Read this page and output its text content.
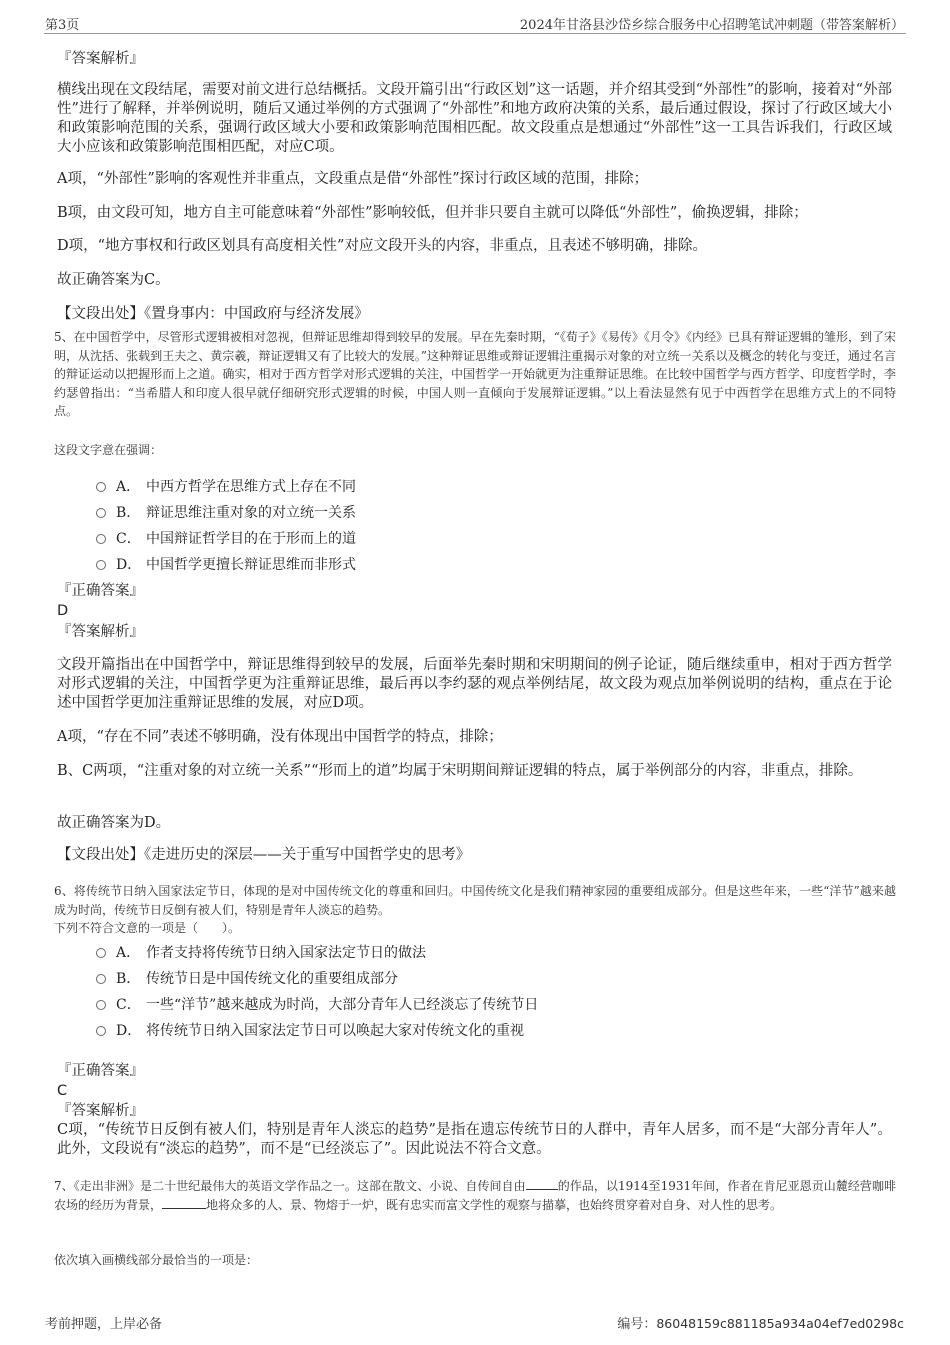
第3页	2024年甘洛县沙岱乡综合服务中心招聘笔试冲刺题（带答案解析）
『答案解析』
横线出现在文段结尾，需要对前文进行总结概括。文段开篇引出“行政区划”这一话题，并介绍其受到“外部性”的影响，接着对“外部性”进行了解释，并举例说明，随后又通过举例的方式强调了“外部性”和地方政府决策的关系，最后通过假设，探讨了行政区域大小和政策影响范围的关系，强调行政区域大小要和政策影响范围相匹配。故文段重点是想通过“外部性”这一工具告诉我们，行政区域大小应该和政策影响范围相匹配，对应C项。
A项，“外部性”影响的客观性并非重点，文段重点是借“外部性”探讨行政区域的范围，排除；
B项，由文段可知，地方自主可能意味着“外部性”影响较低，但并非只要自主就可以降低“外部性”，偷换逻辑，排除；
D项，“地方事权和行政区划具有高度相关性”对应文段开头的内容，非重点，且表述不够明确，排除。
故正确答案为C。
【文段出处】《置身事内：中国政府与经济发展》
5、在中国哲学中，尽管形式逻辑被相对忽视，但辩证思维却得到较早的发展。早在先秦时期，“《荀子》《易传》《月令》《内经》已具有辩证逻辑的雏形，到了宋明，从沈括、张载到王夫之、黄宗羲，辩证逻辑又有了比较大的发展。”这种辩证思维或辩证逻辑注重揭示对象的对立统一关系以及概念的转化与变迁，通过名言的辩证运动以把握形而上之道。确实，相对于西方哲学对形式逻辑的关注，中国哲学一开始就更为注重辩证思维。在比较中国哲学与西方哲学、印度哲学时，李约瑟曾指出：“当希腊人和印度人很早就仔细研究形式逻辑的时候，中国人则一直倾向于发展辩证逻辑。”以上看法显然有见于中西哲学在思维方式上的不同特点。
这段文字意在强调：
A． 中西方哲学在思维方式上存在不同
B． 辩证思维注重对象的对立统一关系
C． 中国辩证哲学目的在于形而上的道
D． 中国哲学更擅长辩证思维而非形式
『正确答案』
D
『答案解析』
文段开篇指出在中国哲学中，辩证思维得到较早的发展，后面举先秦时期和宋明期间的例子论证，随后继续重申，相对于西方哲学对形式逻辑的关注，中国哲学更为注重辩证思维，最后再以李约瑟的观点举例结尾，故文段为观点加举例说明的结构，重点在于论述中国哲学更加注重辩证思维的发展，对应D项。
A项，“存在不同”表述不够明确，没有体现出中国哲学的特点，排除；
B、C两项，“注重对象的对立统一关系”“形而上的道”均属于宋明期间辩证逻辑的特点，属于举例部分的内容，非重点，排除。
故正确答案为D。
【文段出处】《走进历史的深层——关于重写中国哲学史的思考》
6、将传统节日纳入国家法定节日，体现的是对中国传统文化的尊重和回归。中国传统文化是我们精神家园的重要组成部分。但是这些年来，一些“洋节”越来越成为时尚，传统节日反倒有被人们，特别是青年人淡忘的趋势。
下列不符合文意的一项是（　　）。
A． 作者支持将传统节日纳入国家法定节日的做法
B． 传统节日是中国传统文化的重要组成部分
C． 一些“洋节”越来越成为时尚，大部分青年人已经淡忘了传统节日
D． 将传统节日纳入国家法定节日可以唤起大家对传统文化的重视
『正确答案』
C
『答案解析』
C项，“传统节日反倒有被人们，特别是青年人淡忘的趋势”是指在遗忘传统节日的人群中，青年人居多，而不是“大部分青年人”。此外，文段说有“淡忘的趋势”，而不是“已经淡忘了”。因此说法不符合文意。
7、《走出非洲》是二十世纪最伟大的英语文学作品之一。这部在散文、小说、自传间自由	的作品，以1914至1931年间，作者在肯尼亚恩贡山麓经营咖啡农场的经历为背景，	地将众多的人、景、物熔于一炉，既有忠实而富文学性的观察与描摹，也始终贯穿着对自身、对人性的思考。
依次填入画横线部分最恰当的一项是：
考前押题，上岸必备	编号：86048159c881185a934a04ef7ed0298c
